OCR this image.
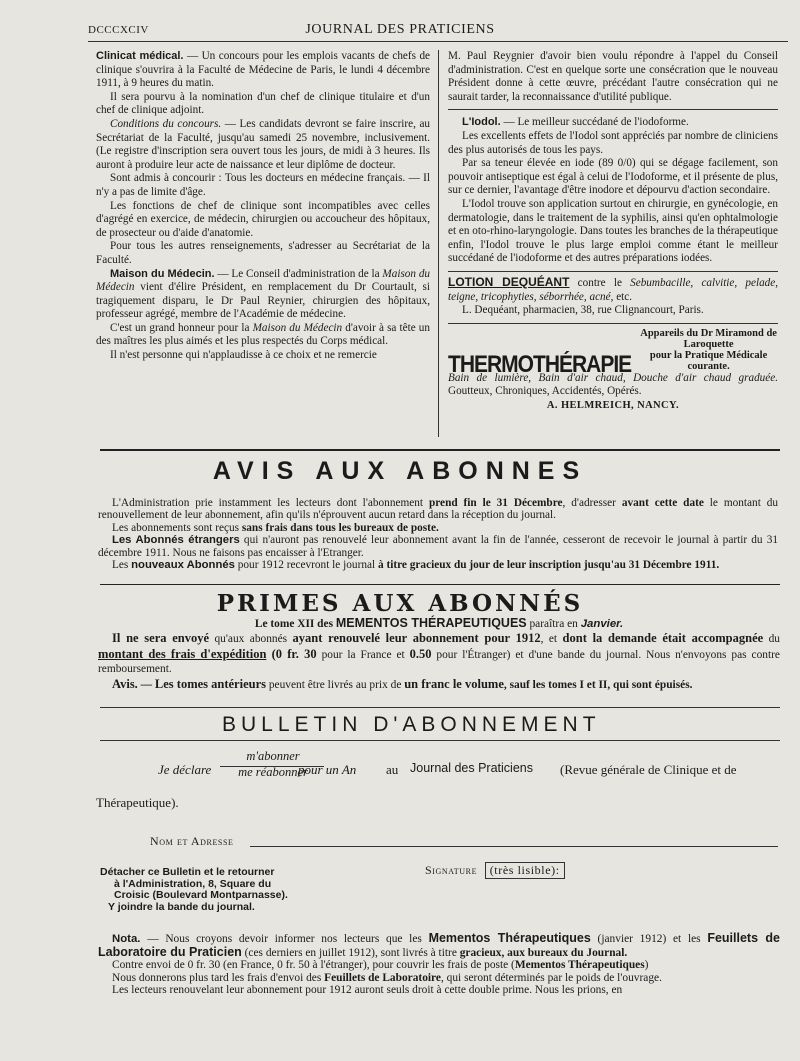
DCCCXCIV	JOURNAL DES PRATICIENS

Clinicat médical. — Un concours pour les emplois vacants de chefs de clinique s'ouvrira à la Faculté de Médecine de Paris, le lundi 4 décembre 1911, à 9 heures du matin.

Il sera pourvu à la nomination d'un chef de clinique titulaire et d'un chef de clinique adjoint.

Conditions du concours. — Les candidats devront se faire inscrire, au Secrétariat de la Faculté, jusqu'au samedi 25 novembre, inclusivement. (Le registre d'inscription sera ouvert tous les jours, de midi à 3 heures. Ils auront à produire leur acte de naissance et leur diplôme de docteur.

Sont admis à concourir : Tous les docteurs en médecine français. — Il n'y a pas de limite d'âge.

Les fonctions de chef de clinique sont incompatibles avec celles d'agrégé en exercice, de médecin, chirurgien ou accoucheur des hôpitaux, de prosecteur ou d'aide d'anatomie.

Pour tous les autres renseignements, s'adresser au Secrétariat de la Faculté.

Maison du Médecin. — Le Conseil d'administration de la Maison du Médecin vient d'élire Président, en remplacement du Dr Courtault, si tragiquement disparu, le Dr Paul Reynier, chirurgien des hôpitaux, professeur agrégé, membre de l'Académie de médecine.

C'est un grand honneur pour la Maison du Médecin d'avoir à sa tête un des maîtres les plus aimés et les plus respectés du Corps médical.

Il n'est personne qui n'applaudisse à ce choix et ne remercie

M. Paul Reygnier d'avoir bien voulu répondre à l'appel du Conseil d'administration. C'est en quelque sorte une consécration que le nouveau Président donne à cette œuvre, précédant l'autre consécration qui ne saurait tarder, la reconnaissance d'utilité publique.

L'Iodol. — Le meilleur succédané de l'iodoforme.

Les excellents effets de l'Iodol sont appréciés par nombre de cliniciens des plus autorisés de tous les pays.

Par sa teneur élevée en iode (89 0/0) qui se dégage facilement, son pouvoir antiseptique est égal à celui de l'Iodoforme, et il présente de plus, sur ce dernier, l'avantage d'être inodore et dépourvu d'action secondaire.

L'Iodol trouve son application surtout en chirurgie, en gynécologie, en dermatologie, dans le traitement de la syphilis, ainsi qu'en ophtalmologie et en oto-rhino-laryngologie. Dans toutes les branches de la thérapeutique enfin, l'Iodol trouve le plus large emploi comme étant le meilleur succédané de l'iodoforme et des autres préparations iodées.

LOTION DEQUÉANT contre le Sebumbacille, calvitie, pelade, teigne, tricophyties, séborrhée, acné, etc.

L. Dequéant, pharmacien, 38, rue Clignancourt, Paris.

THERMOTHÉRAPIE
Appareils du Dr Miramond de Laroquette
pour la Pratique Médicale courante.

Bain de lumière, Bain d'air chaud, Douche d'air chaud graduée. Goutteux, Chroniques, Accidentés, Opérés.

A. HELMREICH, NANCY.

AVIS AUX ABONNES

L'Administration prie instamment les lecteurs dont l'abonnement prend fin le 31 Décembre, d'adresser avant cette date le montant du renouvellement de leur abonnement, afin qu'ils n'éprouvent aucun retard dans la réception du journal.

Les abonnements sont reçus sans frais dans tous les bureaux de poste.

Les Abonnés étrangers qui n'auront pas renouvelé leur abonnement avant la fin de l'année, cesseront de recevoir le journal à partir du 31 décembre 1911. Nous ne faisons pas encaisser à l'Etranger.

Les nouveaux Abonnés pour 1912 recevront le journal à titre gracieux du jour de leur inscription jusqu'au 31 Décembre 1911.

PRIMES AUX ABONNÉS

Le tome XII des MEMENTOS THÉRAPEUTIQUES paraîtra en Janvier.

Il ne sera envoyé qu'aux abonnés ayant renouvelé leur abonnement pour 1912, et dont la demande était accompagnée du montant des frais d'expédition (0 fr. 30 pour la France et 0.50 pour l'Étranger) et d'une bande du journal. Nous n'envoyons pas contre remboursement.

Avis. — Les tomes antérieurs peuvent être livrés au prix de un franc le volume, sauf les tomes I et II, qui sont épuisés.

BULLETIN D'ABONNEMENT
Je déclare
m'abonner
me réabonner
pour un An au Journal des Praticiens (Revue générale de Clinique et de
Thérapeutique).
Nom et Adresse
Détacher ce Bulletin et le retourner
à l'Administration, 8, Square du
Croisic (Boulevard Montparnasse).
Y joindre la bande du journal.
Signature (très lisible):

Nota. — Nous croyons devoir informer nos lecteurs que les Mementos Thérapeutiques (janvier 1912) et les Feuillets de Laboratoire du Praticien (ces derniers en juillet 1912), sont livrés à titre gracieux, aux bureaux du Journal.

Contre envoi de 0 fr. 30 (en France, 0 fr. 50 à l'étranger), pour couvrir les frais de poste (Mementos Thérapeutiques)

Nous donnerons plus tard les frais d'envoi des Feuillets de Laboratoire, qui seront déterminés par le poids de l'ouvrage.

Les lecteurs renouvelant leur abonnement pour 1912 auront seuls droit à cette double prime. Nous les prions, en
